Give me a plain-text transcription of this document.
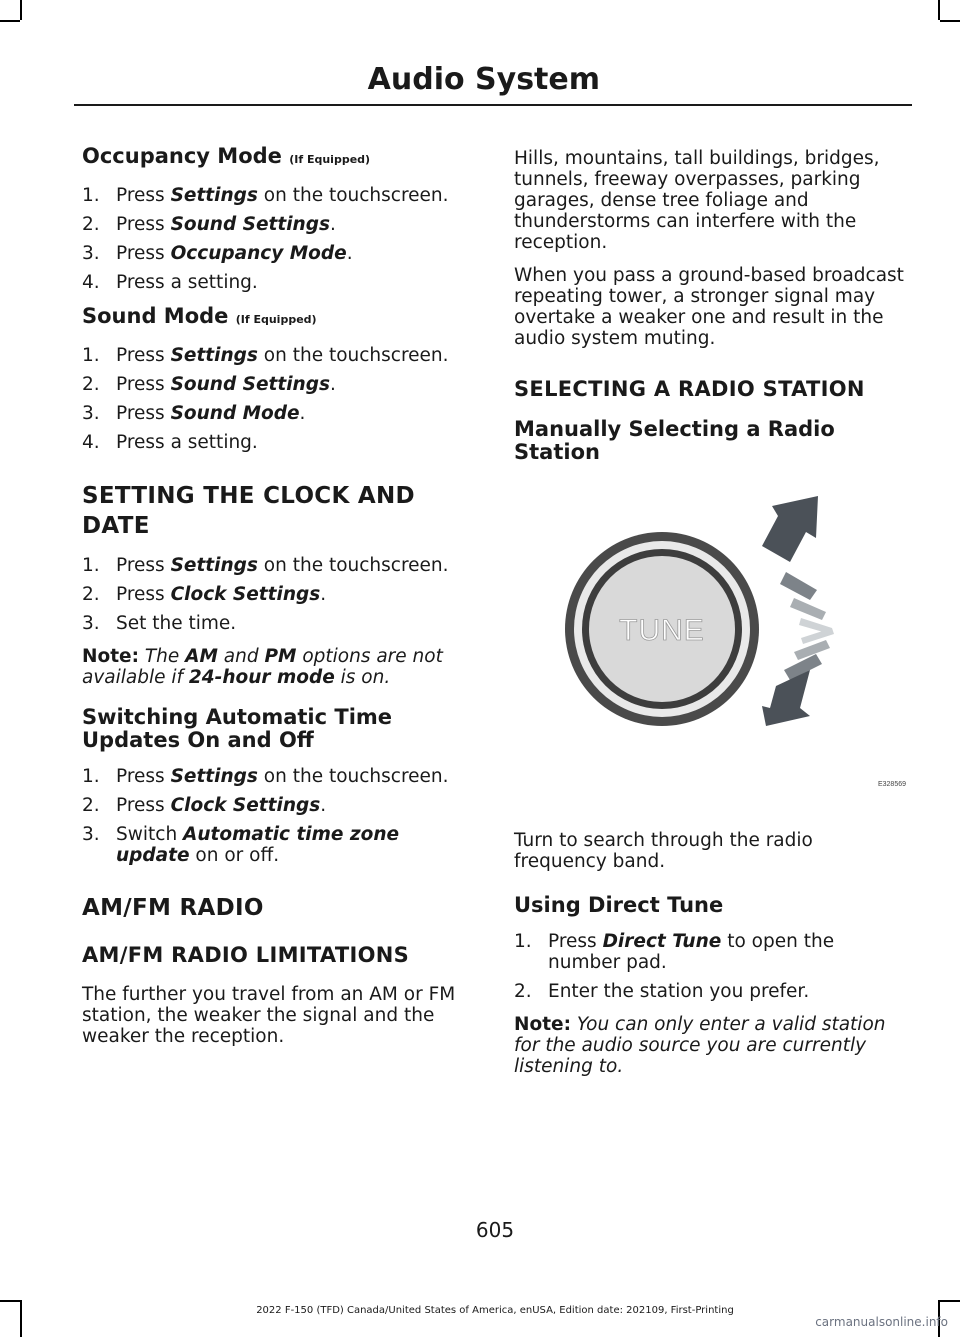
Audio System
Occupancy Mode (If Equipped)
1. Press Settings on the touchscreen.
2. Press Sound Settings.
3. Press Occupancy Mode.
4. Press a setting.
Sound Mode (If Equipped)
1. Press Settings on the touchscreen.
2. Press Sound Settings.
3. Press Sound Mode.
4. Press a setting.
SETTING THE CLOCK AND DATE
1. Press Settings on the touchscreen.
2. Press Clock Settings.
3. Set the time.

Note: The AM and PM options are not available if 24-hour mode is on.

Switching Automatic Time Updates On and Off
1. Press Settings on the touchscreen.
2. Press Clock Settings.
3. Switch Automatic time zone update on or off.
AM/FM RADIO
AM/FM RADIO LIMITATIONS

The further you travel from an AM or FM station, the weaker the signal and the weaker the reception.

Hills, mountains, tall buildings, bridges, tunnels, freeway overpasses, parking garages, dense tree foliage and thunderstorms can interfere with the reception.

When you pass a ground-based broadcast repeating tower, a stronger signal may overtake a weaker one and result in the audio system muting.

SELECTING A RADIO STATION
Manually Selecting a Radio Station
TUNE
E328569

Turn to search through the radio frequency band.

Using Direct Tune
1. Press Direct Tune to open the number pad.
2. Enter the station you prefer.

Note: You can only enter a valid station for the audio source you are currently listening to.

605
2022 F-150 (TFD) Canada/United States of America, enUSA, Edition date: 202109, First-Printing
carmanualsonline.info
